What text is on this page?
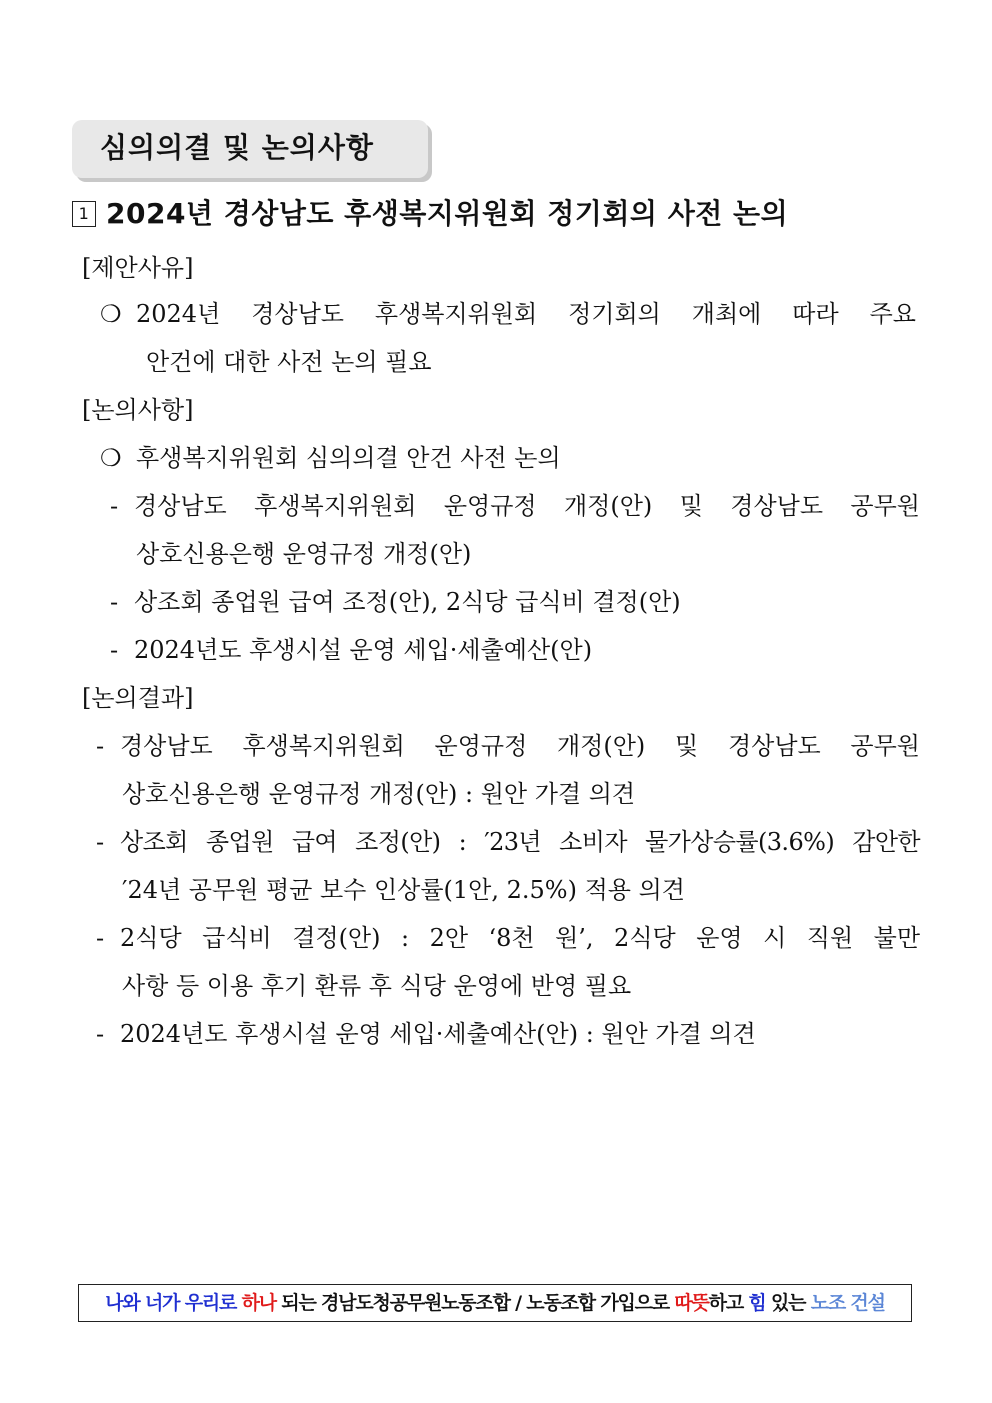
심의의결 및 논의사항
1 2024년 경상남도 후생복지위원회 정기회의 사전 논의
[제안사유]
❍ 2024년 경상남도 후생복지위원회 정기회의 개최에 따라 주요
안건에 대한 사전 논의 필요
[논의사항]
❍ 후생복지위원회 심의의결 안건 사전 논의
- 경상남도 후생복지위원회 운영규정 개정(안) 및 경상남도 공무원
상호신용은행 운영규정 개정(안)
- 상조회 종업원 급여 조정(안), 2식당 급식비 결정(안)
- 2024년도 후생시설 운영 세입·세출예산(안)
[논의결과]
- 경상남도 후생복지위원회 운영규정 개정(안) 및 경상남도 공무원
상호신용은행 운영규정 개정(안) : 원안 가결 의견
- 상조회 종업원 급여 조정(안) : ′23년 소비자 물가상승률(3.6%) 감안한
′24년 공무원 평균 보수 인상률(1안, 2.5%) 적용 의견
- 2식당 급식비 결정(안) : 2안 ‘8천 원’, 2식당 운영 시 직원 불만
사항 등 이용 후기 환류 후 식당 운영에 반영 필요
- 2024년도 후생시설 운영 세입·세출예산(안) : 원안 가결 의견
나와 너가 우리로 하나 되는 경남도청공무원노동조합 / 노동조합 가입으로 따뜻하고 힘 있는 노조 건설
